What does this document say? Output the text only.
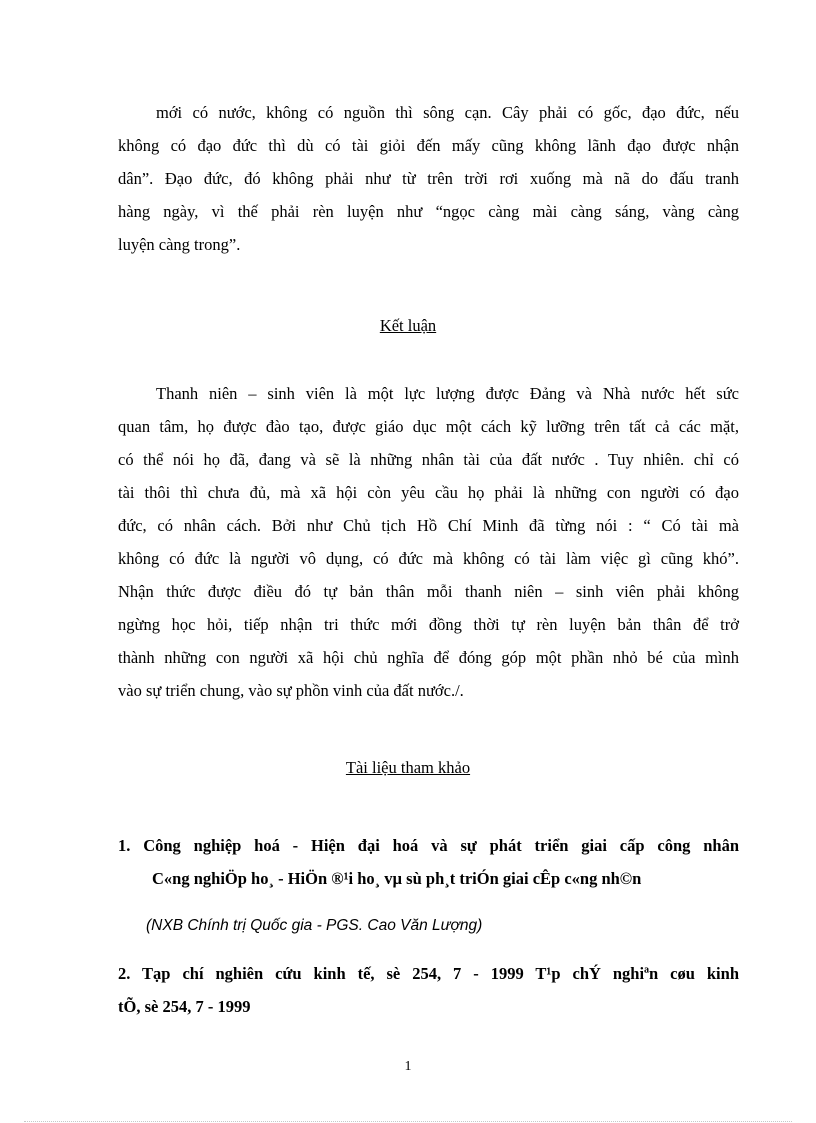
mới có nước, không có nguồn thì sông cạn. Cây phải có gốc, đạo đức, nếu
không có đạo đức thì dù có tài giỏi đến mấy cũng không lãnh đạo được nhận
dân”. Đạo đức, đó không phải như từ trên trời rơi xuống mà nã do đấu tranh
hàng ngày, vì thế phải rèn luyện như “ngọc càng mài càng sáng, vàng càng
luyện càng trong”.
Kết luận
Thanh niên – sinh viên là một lực lượng được Đảng và Nhà nước hết sức
quan tâm, họ được đào tạo, được giáo dục một cách kỹ lưỡng trên tất cả các mặt,
có thể nói họ đã, đang và sẽ là những nhân tài của đất nước . Tuy nhiên. chỉ có
tài thôi thì chưa đủ, mà xã hội còn yêu cầu họ phải là những con người có đạo
đức, có nhân cách. Bởi như Chủ tịch Hồ Chí Minh đã từng nói : “ Có tài mà
không có đức là người vô dụng, có đức mà không có tài làm việc gì cũng khó”.
Nhận thức được điều đó tự bản thân mỗi thanh niên – sinh viên phải không
ngừng học hỏi, tiếp nhận tri thức mới đồng thời tự rèn luyện bản thân để trở
thành những con người xã hội chủ nghĩa để đóng góp một phần nhỏ bé của mình
vào sự triển chung, vào sự phồn vinh của đất nước./.
Tài liệu tham khảo
1. Công nghiệp hoá - Hiện đại hoá và sự phát triển giai cấp công nhân
C«ng nghiÖp ho¸ - HiÖn ®¹i ho¸ vµ sù ph¸t triÓn giai cÊp c«ng nh©n
(NXB Chính trị Quốc gia - PGS. Cao Văn Lượng)
2. Tạp chí nghiên cứu kinh tế, sè 254, 7 - 1999 T¹p chÝ nghiªn cøu kinh
tÕ, sè 254, 7 - 1999
1
